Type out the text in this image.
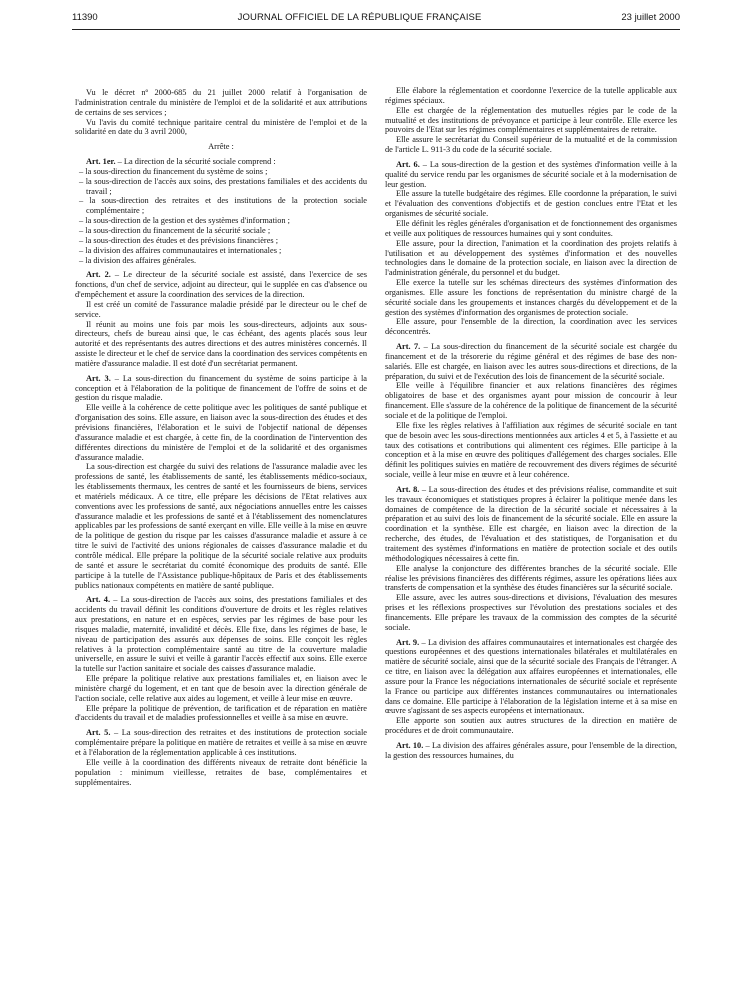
11390	JOURNAL OFFICIEL DE LA RÉPUBLIQUE FRANÇAISE	23 juillet 2000

Vu le décret nº 2000-685 du 21 juillet 2000 relatif à l'organisation de l'administration centrale du ministère de l'emploi et de la solidarité et aux attributions de certains de ses services ;

Vu l'avis du comité technique paritaire central du ministère de l'emploi et de la solidarité en date du 3 avril 2000,

Arrête :

Art. 1er. – La direction de la sécurité sociale comprend :

– la sous-direction du financement du système de soins ;
– la sous-direction de l'accès aux soins, des prestations familiales et des accidents du travail ;
– la sous-direction des retraites et des institutions de la protection sociale complémentaire ;
– la sous-direction de la gestion et des systèmes d'information ;
– la sous-direction du financement de la sécurité sociale ;
– la sous-direction des études et des prévisions financières ;
– la division des affaires communautaires et internationales ;
– la division des affaires générales.

Art. 2. – Le directeur de la sécurité sociale est assisté, dans l'exercice de ses fonctions, d'un chef de service, adjoint au directeur, qui le supplée en cas d'absence ou d'empêchement et assure la coordination des services de la direction.

Il est créé un comité de l'assurance maladie présidé par le directeur ou le chef de service.

Il réunit au moins une fois par mois les sous-directeurs, adjoints aux sous-directeurs, chefs de bureau ainsi que, le cas échéant, des agents placés sous leur autorité et des représentants des autres directions et des autres ministères concernés. Il assiste le directeur et le chef de service dans la coordination des services compétents en matière d'assurance maladie. Il est doté d'un secrétariat permanent.

Art. 3. – La sous-direction du financement du système de soins participe à la conception et à l'élaboration de la politique de financement de l'offre de soins et de gestion du risque maladie.

Elle veille à la cohérence de cette politique avec les politiques de santé publique et d'organisation des soins. Elle assure, en liaison avec la sous-direction des études et des prévisions financières, l'élaboration et le suivi de l'objectif national de dépenses d'assurance maladie et est chargée, à cette fin, de la coordination de l'intervention des différentes directions du ministère de l'emploi et de la solidarité et des organismes d'assurance maladie.

La sous-direction est chargée du suivi des relations de l'assurance maladie avec les professions de santé, les établissements de santé, les établissements médico-sociaux, les établissements thermaux, les centres de santé et les fournisseurs de biens, services et matériels médicaux. A ce titre, elle prépare les décisions de l'Etat relatives aux conventions avec les professions de santé, aux négociations annuelles entre les caisses d'assurance maladie et les professions de santé et à l'établissement des nomenclatures applicables par les professions de santé exerçant en ville. Elle veille à la mise en œuvre de la politique de gestion du risque par les caisses d'assurance maladie et assure à ce titre le suivi de l'activité des unions régionales de caisses d'assurance maladie et du contrôle médical. Elle prépare la politique de la sécurité sociale relative aux produits de santé et assure le secrétariat du comité économique des produits de santé. Elle participe à la tutelle de l'Assistance publique-hôpitaux de Paris et des établissements publics nationaux compétents en matière de santé publique.

Art. 4. – La sous-direction de l'accès aux soins, des prestations familiales et des accidents du travail définit les conditions d'ouverture de droits et les règles relatives aux prestations, en nature et en espèces, servies par les régimes de base pour les risques maladie, maternité, invalidité et décès. Elle fixe, dans les régimes de base, le niveau de participation des assurés aux dépenses de soins. Elle conçoit les règles relatives à la protection complémentaire santé au titre de la couverture maladie universelle, en assure le suivi et veille à garantir l'accès effectif aux soins. Elle exerce la tutelle sur l'action sanitaire et sociale des caisses d'assurance maladie.

Elle prépare la politique relative aux prestations familiales et, en liaison avec le ministère chargé du logement, et en tant que de besoin avec la direction générale de l'action sociale, celle relative aux aides au logement, et veille à leur mise en œuvre.

Elle prépare la politique de prévention, de tarification et de réparation en matière d'accidents du travail et de maladies professionnelles et veille à sa mise en œuvre.

Art. 5. – La sous-direction des retraites et des institutions de protection sociale complémentaire prépare la politique en matière de retraites et veille à sa mise en œuvre et à l'élaboration de la réglementation applicable à ces institutions.

Elle veille à la coordination des différents niveaux de retraite dont bénéficie la population : minimum vieillesse, retraites de base, complémentaires et supplémentaires.

Elle élabore la réglementation et coordonne l'exercice de la tutelle applicable aux régimes spéciaux.

Elle est chargée de la réglementation des mutuelles régies par le code de la mutualité et des institutions de prévoyance et participe à leur contrôle. Elle exerce les pouvoirs de l'Etat sur les régimes complémentaires et supplémentaires de retraite.

Elle assure le secrétariat du Conseil supérieur de la mutualité et de la commission de l'article L. 911-3 du code de la sécurité sociale.

Art. 6. – La sous-direction de la gestion et des systèmes d'information veille à la qualité du service rendu par les organismes de sécurité sociale et à la modernisation de leur gestion.

Elle assure la tutelle budgétaire des régimes. Elle coordonne la préparation, le suivi et l'évaluation des conventions d'objectifs et de gestion conclues entre l'Etat et les organismes de sécurité sociale.

Elle définit les règles générales d'organisation et de fonctionnement des organismes et veille aux politiques de ressources humaines qui y sont conduites.

Elle assure, pour la direction, l'animation et la coordination des projets relatifs à l'utilisation et au développement des systèmes d'information et des nouvelles technologies dans le domaine de la protection sociale, en liaison avec la direction de l'administration générale, du personnel et du budget.

Elle exerce la tutelle sur les schémas directeurs des systèmes d'information des organismes. Elle assure les fonctions de représentation du ministre chargé de la sécurité sociale dans les groupements et instances chargés du développement et de la gestion des systèmes d'information des organismes de protection sociale.

Elle assure, pour l'ensemble de la direction, la coordination avec les services déconcentrés.

Art. 7. – La sous-direction du financement de la sécurité sociale est chargée du financement et de la trésorerie du régime général et des régimes de base des non-salariés. Elle est chargée, en liaison avec les autres sous-directions et directions, de la préparation, du suivi et de l'exécution des lois de financement de la sécurité sociale.

Elle veille à l'équilibre financier et aux relations financières des régimes obligatoires de base et des organismes ayant pour mission de concourir à leur financement. Elle s'assure de la cohérence de la politique de financement de la sécurité sociale et de la politique de l'emploi.

Elle fixe les règles relatives à l'affiliation aux régimes de sécurité sociale en tant que de besoin avec les sous-directions mentionnées aux articles 4 et 5, à l'assiette et au taux des cotisations et contributions qui alimentent ces régimes. Elle participe à la conception et à la mise en œuvre des politiques d'allégement des charges sociales. Elle définit les politiques suivies en matière de recouvrement des divers régimes de sécurité sociale, veille à leur mise en œuvre et à leur cohérence.

Art. 8. – La sous-direction des études et des prévisions réalise, commandite et suit les travaux économiques et statistiques propres à éclairer la politique menée dans les domaines de compétence de la direction de la sécurité sociale et nécessaires à la préparation et au suivi des lois de financement de la sécurité sociale. Elle en assure la coordination et la synthèse. Elle est chargée, en liaison avec la direction de la recherche, des études, de l'évaluation et des statistiques, de l'organisation et du traitement des systèmes d'informations en matière de protection sociale et des outils méthodologiques nécessaires à cette fin.

Elle analyse la conjoncture des différentes branches de la sécurité sociale. Elle réalise les prévisions financières des différents régimes, assure les opérations liées aux transferts de compensation et la synthèse des études financières sur la sécurité sociale.

Elle assure, avec les autres sous-directions et divisions, l'évaluation des mesures prises et les réflexions prospectives sur l'évolution des prestations sociales et des financements. Elle prépare les travaux de la commission des comptes de la sécurité sociale.

Art. 9. – La division des affaires communautaires et internationales est chargée des questions européennes et des questions internationales bilatérales et multilatérales en matière de sécurité sociale, ainsi que de la sécurité sociale des Français de l'étranger. A ce titre, en liaison avec la délégation aux affaires européennes et internationales, elle assure pour la France les négociations internationales de sécurité sociale et représente la France ou participe aux différentes instances communautaires ou internationales dans ce domaine. Elle participe à l'élaboration de la législation interne et à sa mise en œuvre s'agissant de ses aspects européens et internationaux.

Elle apporte son soutien aux autres structures de la direction en matière de procédures et de droit communautaire.

Art. 10. – La division des affaires générales assure, pour l'ensemble de la direction, la gestion des ressources humaines, du
